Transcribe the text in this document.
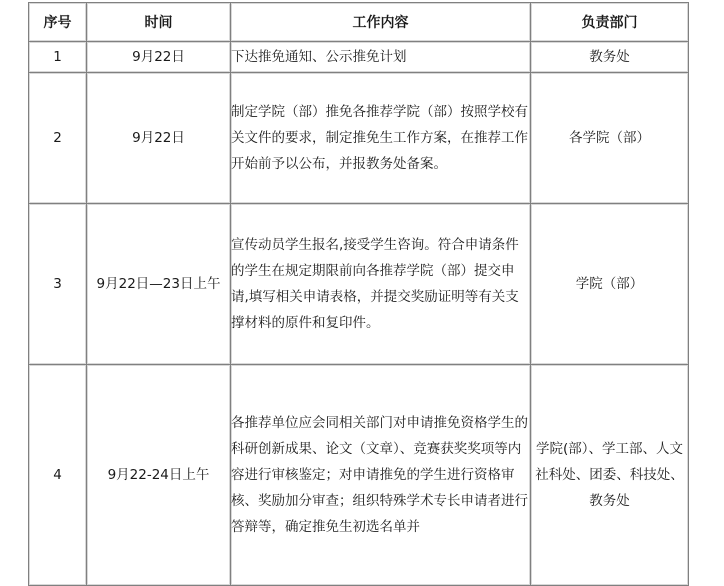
序号	时间	工作内容	负责部门
1	9月22日	下达推免通知、公示推免计划	教务处
2	9月22日	制定学院（部）推免各推荐学院（部）按照学校有关文件的要求，制定推免生工作方案，在推荐工作开始前予以公布，并报教务处备案。	各学院（部）
3	9月22日—23日上午	宣传动员学生报名,接受学生咨询。符合申请条件的学生在规定期限前向各推荐学院（部）提交申请,填写相关申请表格，并提交奖励证明等有关支撑材料的原件和复印件。	学院（部）
4	9月22-24日上午	各推荐单位应会同相关部门对申请推免资格学生的科研创新成果、论文（文章）、竞赛获奖奖项等内容进行审核鉴定；对申请推免的学生进行资格审核、奖励加分审查；组织特殊学术专长申请者进行答辩等，确定推免生初选名单并	学院(部）、学工部、人文社科处、团委、科技处、教务处
